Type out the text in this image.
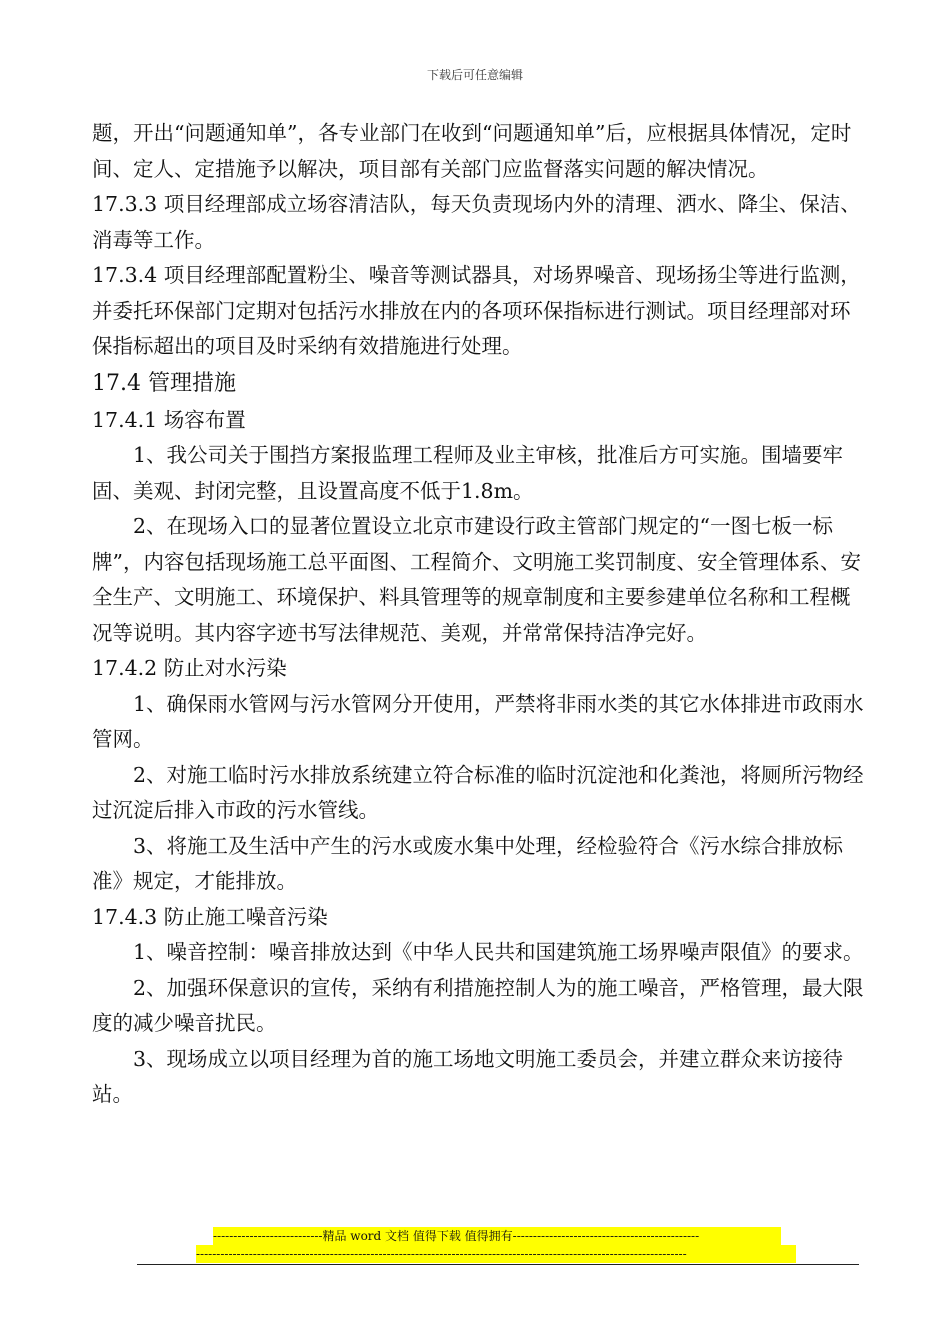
下载后可任意编辑

题，开出“问题通知单”，各专业部门在收到“问题通知单”后，应根据具体情况，定时间、定人、定措施予以解决，项目部有关部门应监督落实问题的解决情况。

17.3.3 项目经理部成立场容清洁队，每天负责现场内外的清理、洒水、降尘、保洁、消毒等工作。

17.3.4 项目经理部配置粉尘、噪音等测试器具，对场界噪音、现场扬尘等进行监测，并委托环保部门定期对包括污水排放在内的各项环保指标进行测试。项目经理部对环保指标超出的项目及时采纳有效措施进行处理。

17.4 管理措施

17.4.1 场容布置

1、我公司关于围挡方案报监理工程师及业主审核，批准后方可实施。围墙要牢固、美观、封闭完整，且设置高度不低于1.8m。

2、在现场入口的显著位置设立北京市建设行政主管部门规定的“一图七板一标牌”，内容包括现场施工总平面图、工程简介、文明施工奖罚制度、安全管理体系、安全生产、文明施工、环境保护、料具管理等的规章制度和主要参建单位名称和工程概况等说明。其内容字迹书写法律规范、美观，并常常保持洁净完好。

17.4.2 防止对水污染

1、确保雨水管网与污水管网分开使用，严禁将非雨水类的其它水体排进市政雨水管网。

2、对施工临时污水排放系统建立符合标准的临时沉淀池和化粪池，将厕所污物经过沉淀后排入市政的污水管线。

3、将施工及生活中产生的污水或废水集中处理，经检验符合《污水综合排放标准》规定，才能排放。

17.4.3 防止施工噪音污染

1、噪音控制：噪音排放达到《中华人民共和国建筑施工场界噪声限值》的要求。

2、加强环保意识的宣传，采纳有利措施控制人为的施工噪音，严格管理，最大限度的减少噪音扰民。

3、现场成立以项目经理为首的施工场地文明施工委员会，并建立群众来访接待站。

---------------------------精品 word 文档 值得下载 值得拥有----------------------------------------------
-------------------------------------------------------------------------------------------------------------------------
